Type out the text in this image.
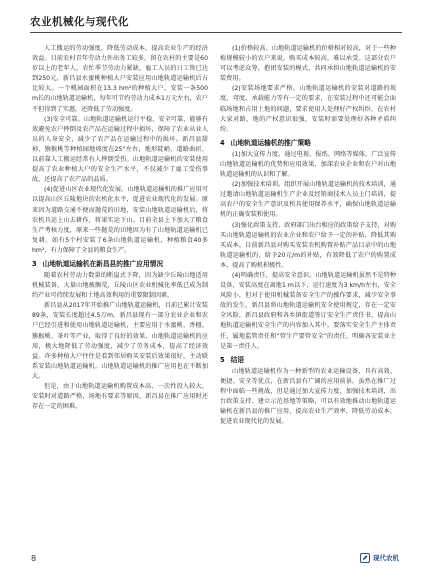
农业机械化与现代化

人工搬运的劳动强度，降低劳动成本，提高农业生产的经济效益。目前农村青年劳动力外出务工较多，留在农村的主要是60岁以上的老年人，农忙季节劳动力紧缺，雇工人员的日工资已达到250元，新昌县水蜜桃种植大户安装应用山地轨道运输机后占比较大。一个桃园面积在13.3 hm²的种植大户，安装一条500 m长的山地轨道运输机，每年可节约劳动力成本1万元左右，农户不但得到了实惠，还降低了劳动强度。

(3)安全可靠。山地轨道运输机运行平稳，安全可靠，能够有效避免农户摔倒及农产品在运输过程中损坏，保障了农业从业人员的人身安全，减少了农产品在运输过程中的损坏。新昌县甜柿、猕猴桃等种植园地坡度在25°左右，地形陡峭，道路曲折，以前靠人工搬运经常有人摔倒受伤。山地轨道运输机的安装使用提高了农业种植大户的安全生产水平，不仅减少了雇工受伤事故，还提高了农产品的品质。

(4)促进山区农业现代化发展。山地轨道运输机的推广应用可以提高山区丘陵地块的农机化水平，促进农业现代化的发展。原来因为道路交通不便而抛荒的田地，安装山地轨道运输机后，将农机具运上山去耕作，将果实运下山。目前全县上下加大了粮食生产考核力度，原来一些抛荒的田地因为有了山地轨道运输机已复耕。如有5个村安装了6条山地轨道运输机，种植粮食40多hm²，有力保障了全县的粮食生产。

3 山地轨道运输机在新昌县的推广应用情况

随着农村劳动力数量的断崖式下降，因为缺少丘陵山地适用机械装备，大量山地被搁荒，丘陵山区农业机械化率低已成为制约产业可持续发展和土地高效利用的重要限制因素。

新昌县从2017年开始推广山地轨道运输机，目前已累计安装89条，安装长度超过4.5万m。新昌县现有一部分农业企业和农户已经引进和使用山地轨道运输机，主要应用于水蜜桃、香榧、猕猴桃、茶叶等产业，取得了良好的效果。山地轨道运输机的应用，极大地降低了劳动强度，减少了劳务成本，提高了经济效益。许多种植大户往往是看到邻居购买安装后效果很好，主动联系安装山地轨道运输机。山地轨道运输机的推广应用也在不断加大。

但是，由于山地轨道运输机购置成本高、一次性投入较大，安装时对道路严格，场地有要求等原因，新昌县在推广应用时还存在一定的困难。

(1)价格较高。山地轨道运输机的价格相对较高，对于一些种植规模较小的农户来说，购买成本较高，难以承受。这部分农户可以考虑众筹，抱团安装的模式，共同承担山地轨道运输机的安装费用。

(2)安装场地要求严格。山地轨道运输机的安装对道路的坡度、弯度、承载能力等有一定的要求，在安装过程中还可能会面临场地和占用土地的问题，要求使用人处理好产权纠纷，在农村大家对路、地的产权意识很强，安装时需要处理好各种矛盾纠纷。

4 山地轨道运输机的推广策略

(1)加大宣传力度。通过电视、报纸、网络等媒体，广泛宣传山地轨道运输机的优势和应用效果，加深农业企业和农户对山地轨道运输机的认识和了解。

(2)加强技术培训。组织开展山地轨道运输机的技术培训，通过邀请山地轨道运输机生产企业及经销商技术人员上门培训，提高农户的安全生产意识及机具使用保养水平，确保山地轨道运输机的正确安装和使用。

(3)强化政策支持。政府部门出台相应的政策给予支持，对购买山地轨道运输机的农业企业和农户给予一定的补贴，降低其购买成本。目前新昌县对购买安装农机购置补贴产品目录中的山地轨道运输机的，给予20元/m的补贴，有效降低了农户的购置成本，提高了购机积极性。

(4)明确责任，提高安全意识。山地轨道运输机虽然不是特种设备，安装高度在离地1 m以下，运行速度为3 km/h左右，安全风险小，但对于使用机械装备安全生产的操作要求，减少安全事故的发生，新昌县将山地轨道运输机安全使用规定，存在一定安全风险，新昌县政府和各乡镇街道签订安全生产责任书，提高山地轨道运输机安全生产的内容加入其中。要落实安全生产主体责任，属地监管责任和“管生产要管安全”的责任，明确各安装业主是第一责任人。

5 结语

山地轨道运输机作为一种新型的农业运输设备，具有高效、便捷、安全等优点，在新昌县有广阔的应用前景。虽然在推广过程中面临一些挑战，但是通过加大宣传力度、加强技术培训、出台政策支持、建立示范基地等策略，可以有效地推动山地轨道运输机在新昌县的推广应用，提高农业生产效率，降低劳动成本，促进农业现代化的发展。

8	现代农机
